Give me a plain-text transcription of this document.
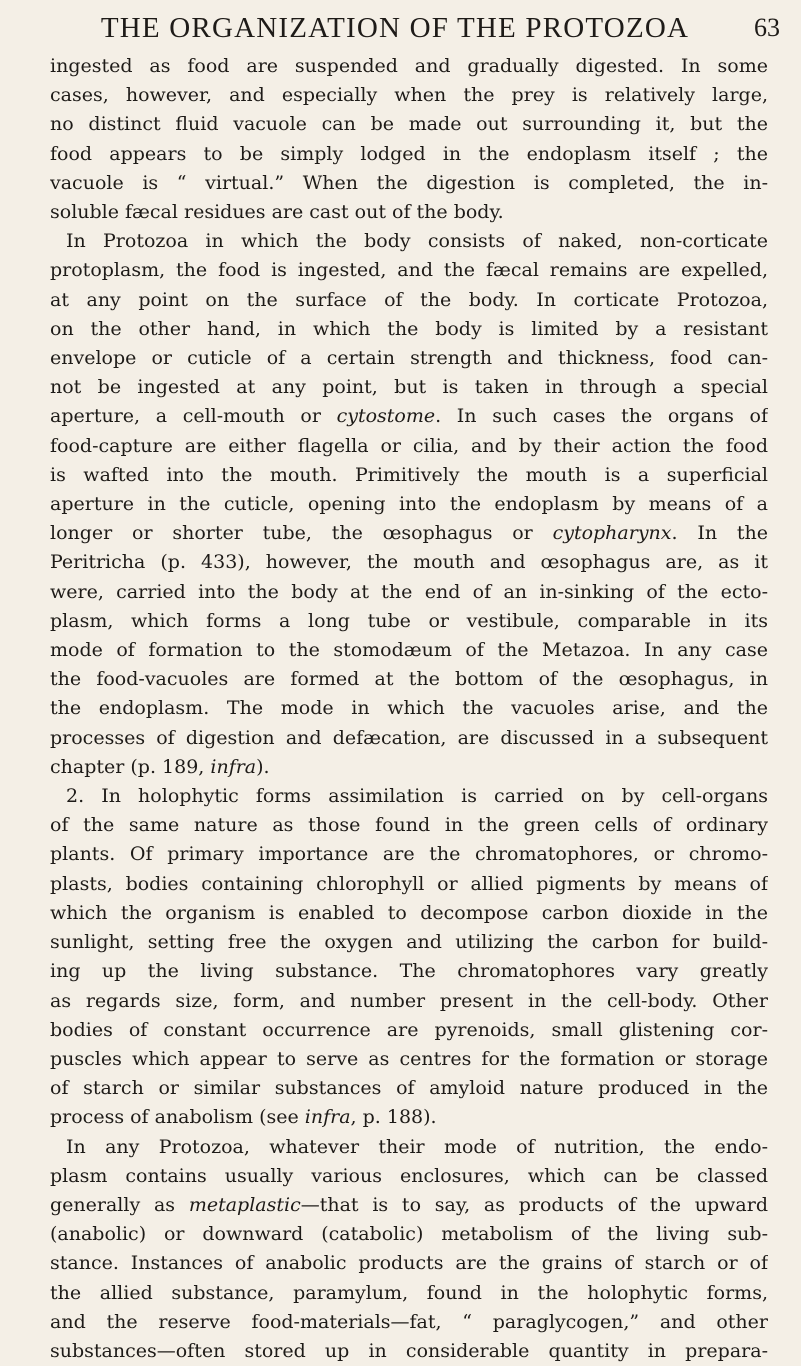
THE ORGANIZATION OF THE PROTOZOA	63
ingested as food are suspended and gradually digested. In some
cases, however, and especially when the prey is relatively large,
no distinct fluid vacuole can be made out surrounding it, but the
food appears to be simply lodged in the endoplasm itself ; the
vacuole is “ virtual.” When the digestion is completed, the in-
soluble fæcal residues are cast out of the body.
In Protozoa in which the body consists of naked, non-corticate
protoplasm, the food is ingested, and the fæcal remains are expelled,
at any point on the surface of the body. In corticate Protozoa,
on the other hand, in which the body is limited by a resistant
envelope or cuticle of a certain strength and thickness, food can-
not be ingested at any point, but is taken in through a special
aperture, a cell-mouth or cytostome. In such cases the organs of
food-capture are either flagella or cilia, and by their action the food
is wafted into the mouth. Primitively the mouth is a superficial
aperture in the cuticle, opening into the endoplasm by means of a
longer or shorter tube, the œsophagus or cytopharynx. In the
Peritricha (p. 433), however, the mouth and œsophagus are, as it
were, carried into the body at the end of an in-sinking of the ecto-
plasm, which forms a long tube or vestibule, comparable in its
mode of formation to the stomodæum of the Metazoa. In any case
the food-vacuoles are formed at the bottom of the œsophagus, in
the endoplasm. The mode in which the vacuoles arise, and the
processes of digestion and defæcation, are discussed in a subsequent
chapter (p. 189, infra).
2. In holophytic forms assimilation is carried on by cell-organs
of the same nature as those found in the green cells of ordinary
plants. Of primary importance are the chromatophores, or chromo-
plasts, bodies containing chlorophyll or allied pigments by means of
which the organism is enabled to decompose carbon dioxide in the
sunlight, setting free the oxygen and utilizing the carbon for build-
ing up the living substance. The chromatophores vary greatly
as regards size, form, and number present in the cell-body. Other
bodies of constant occurrence are pyrenoids, small glistening cor-
puscles which appear to serve as centres for the formation or storage
of starch or similar substances of amyloid nature produced in the
process of anabolism (see infra, p. 188).
In any Protozoa, whatever their mode of nutrition, the endo-
plasm contains usually various enclosures, which can be classed
generally as metaplastic—that is to say, as products of the upward
(anabolic) or downward (catabolic) metabolism of the living sub-
stance. Instances of anabolic products are the grains of starch or of
the allied substance, paramylum, found in the holophytic forms,
and the reserve food-materials—fat, “ paraglycogen,” and other
substances—often stored up in considerable quantity in prepara-
